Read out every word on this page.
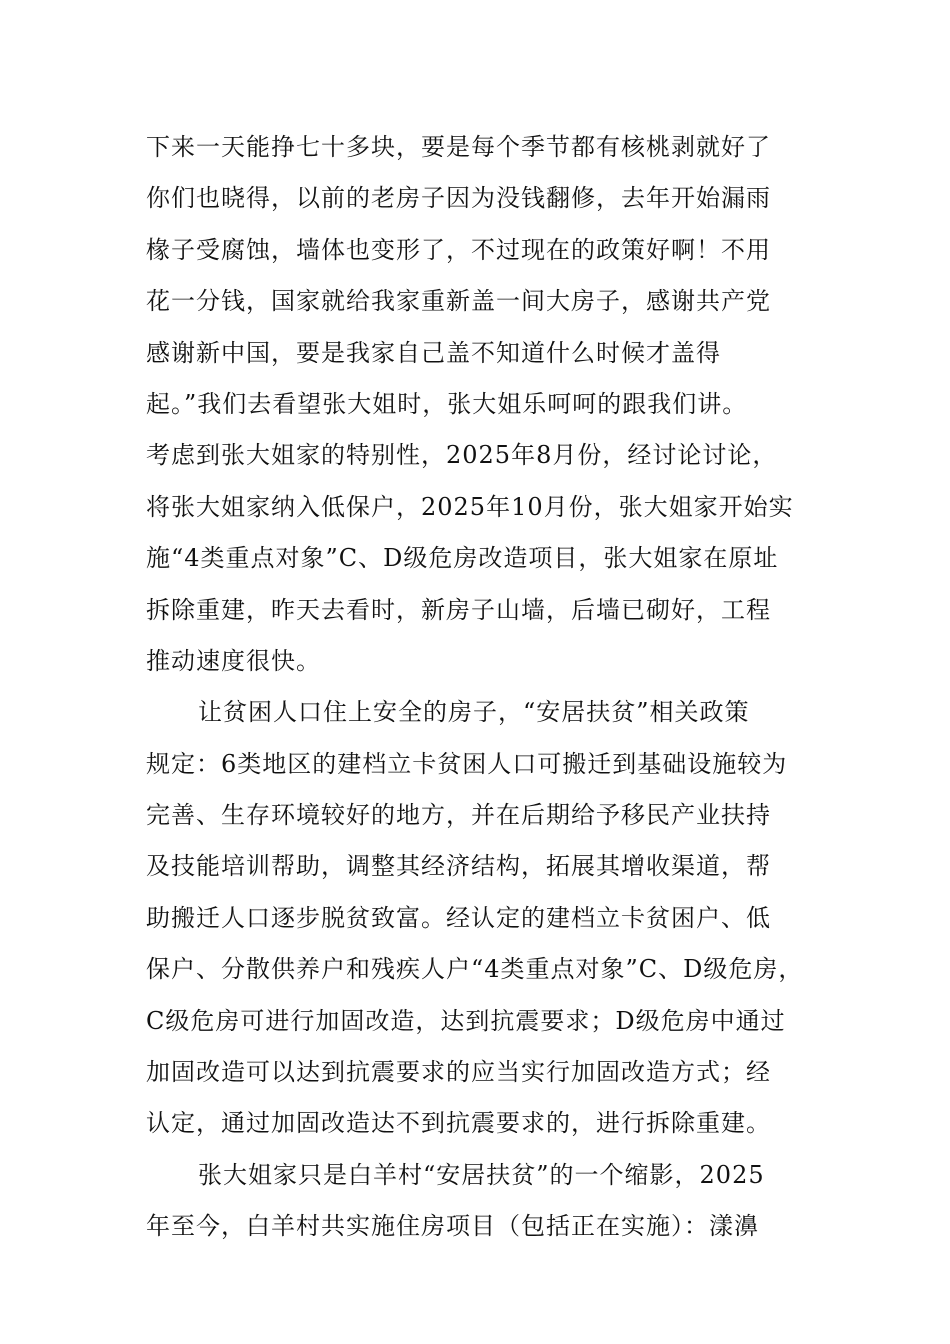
下来一天能挣七十多块，要是每个季节都有核桃剥就好了
你们也晓得，以前的老房子因为没钱翻修，去年开始漏雨
椽子受腐蚀，墙体也变形了，不过现在的政策好啊！不用
花一分钱，国家就给我家重新盖一间大房子，感谢共产党
感谢新中国，要是我家自己盖不知道什么时候才盖得
起。”我们去看望张大姐时，张大姐乐呵呵的跟我们讲。
考虑到张大姐家的特别性，2025年8月份，经讨论讨论，
将张大姐家纳入低保户，2025年10月份，张大姐家开始实
施“4类重点对象”C、D级危房改造项目，张大姐家在原址
拆除重建，昨天去看时，新房子山墙，后墙已砌好，工程
推动速度很快。
让贫困人口住上安全的房子，“安居扶贫”相关政策
规定：6类地区的建档立卡贫困人口可搬迁到基础设施较为
完善、生存环境较好的地方，并在后期给予移民产业扶持
及技能培训帮助，调整其经济结构，拓展其增收渠道，帮
助搬迁人口逐步脱贫致富。经认定的建档立卡贫困户、低
保户、分散供养户和残疾人户“4类重点对象”C、D级危房，
C级危房可进行加固改造，达到抗震要求；D级危房中通过
加固改造可以达到抗震要求的应当实行加固改造方式；经
认定，通过加固改造达不到抗震要求的，进行拆除重建。
张大姐家只是白羊村“安居扶贫”的一个缩影，2025
年至今，白羊村共实施住房项目（包括正在实施）：漾濞
